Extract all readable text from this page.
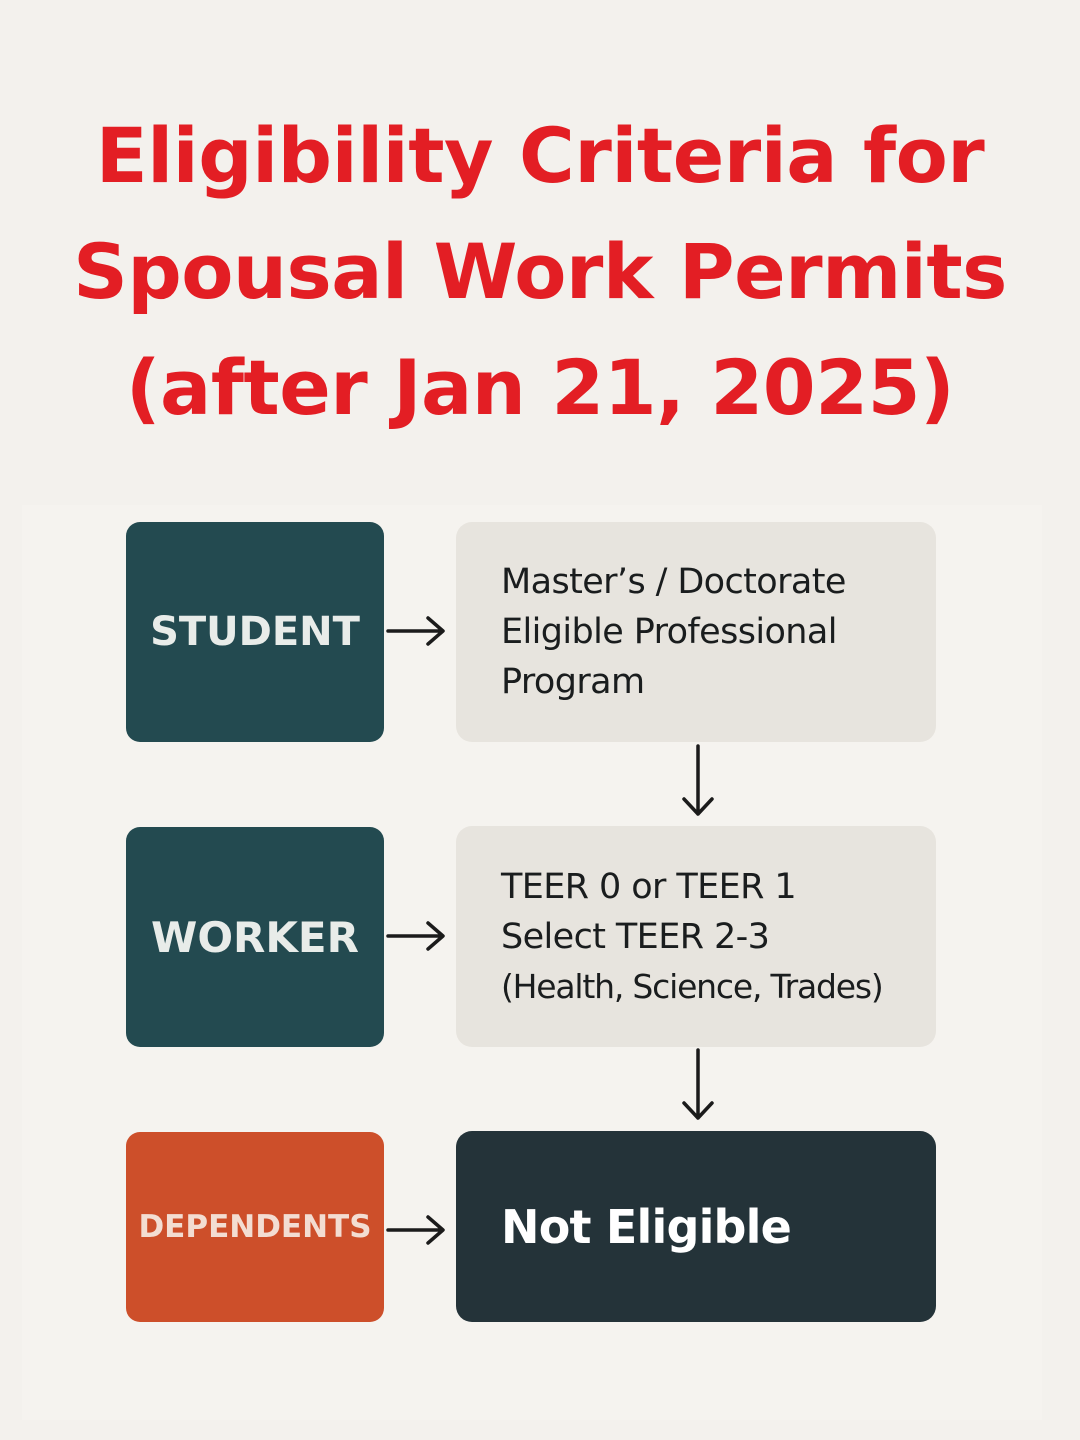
Eligibility Criteria for
Spousal Work Permits
(after Jan 21, 2025)
STUDENT
Master’s / Doctorate
Eligible Professional
Program
WORKER
TEER 0 or TEER 1
Select TEER 2-3
(Health, Science, Trades)
DEPENDENTS	Not Eligible
